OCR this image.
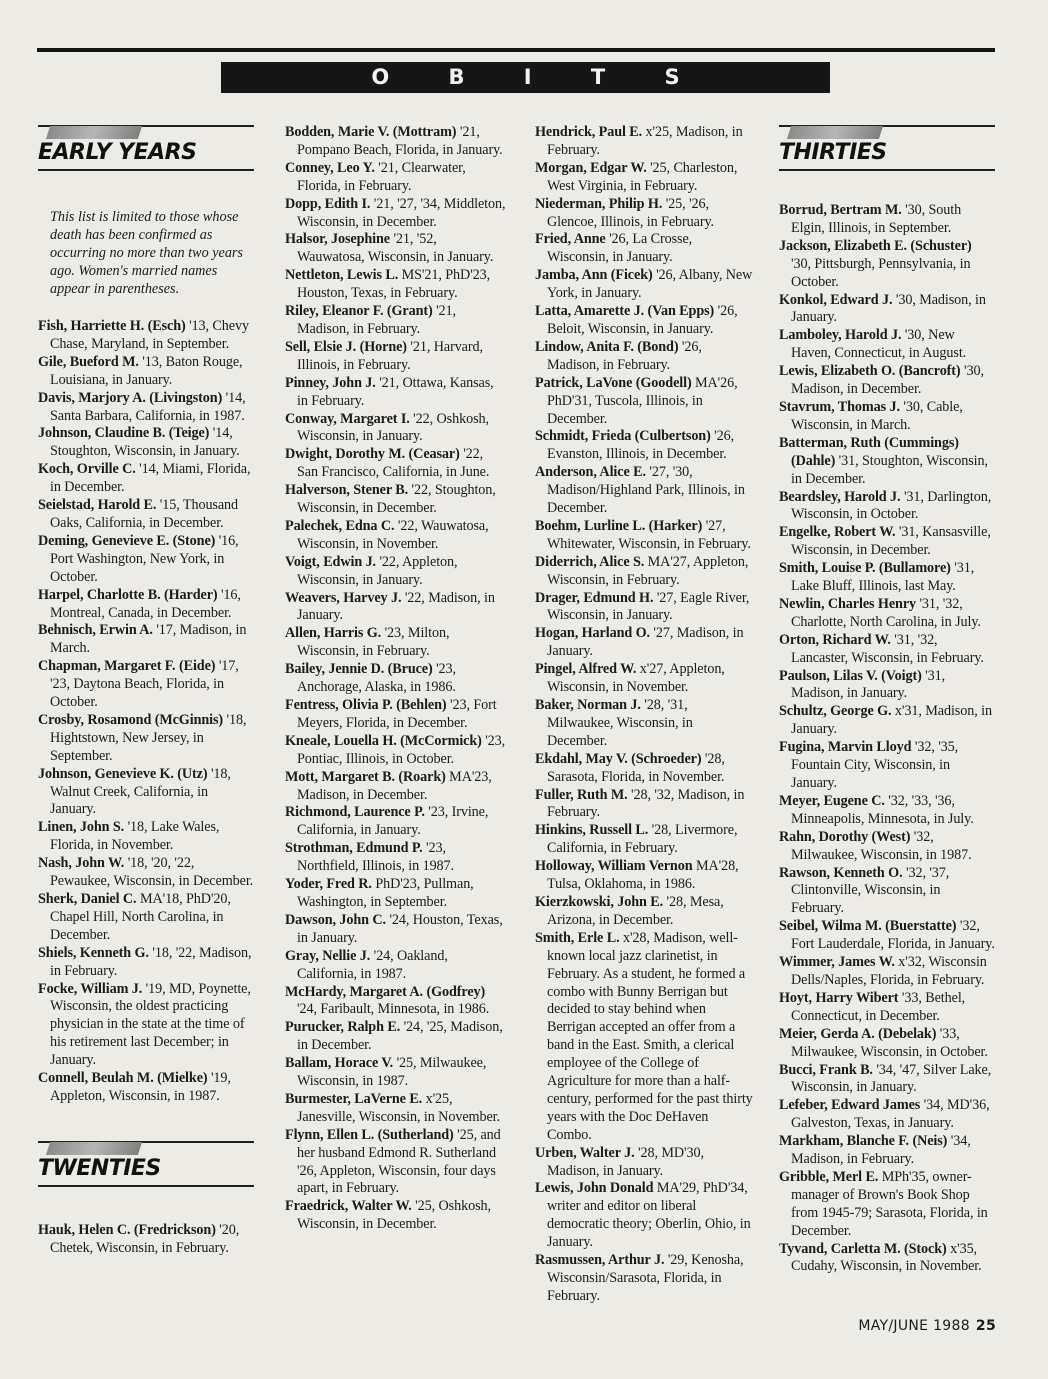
O B I T S
EARLY YEARS

This list is limited to those whose death has been confirmed as occurring no more than two years ago. Women's married names appear in parentheses.

Fish, Harriette H. (Esch) '13, Chevy Chase, Maryland, in September.

Gile, Bueford M. '13, Baton Rouge, Louisiana, in January.

Davis, Marjory A. (Livingston) '14, Santa Barbara, California, in 1987.

Johnson, Claudine B. (Teige) '14, Stoughton, Wisconsin, in January.

Koch, Orville C. '14, Miami, Florida, in December.

Seielstad, Harold E. '15, Thousand Oaks, California, in December.

Deming, Genevieve E. (Stone) '16, Port Washington, New York, in October.

Harpel, Charlotte B. (Harder) '16, Montreal, Canada, in December.

Behnisch, Erwin A. '17, Madison, in March.

Chapman, Margaret F. (Eide) '17, '23, Daytona Beach, Florida, in October.

Crosby, Rosamond (McGinnis) '18, Hightstown, New Jersey, in September.

Johnson, Genevieve K. (Utz) '18, Walnut Creek, California, in January.

Linen, John S. '18, Lake Wales, Florida, in November.

Nash, John W. '18, '20, '22, Pewaukee, Wisconsin, in December.

Sherk, Daniel C. MA'18, PhD'20, Chapel Hill, North Carolina, in December.

Shiels, Kenneth G. '18, '22, Madison, in February.

Focke, William J. '19, MD, Poynette, Wisconsin, the oldest practicing physician in the state at the time of his retirement last December; in January.

Connell, Beulah M. (Mielke) '19, Appleton, Wisconsin, in 1987.

TWENTIES

Hauk, Helen C. (Fredrickson) '20, Chetek, Wisconsin, in February.

Bodden, Marie V. (Mottram) '21, Pompano Beach, Florida, in January.

Conney, Leo Y. '21, Clearwater, Florida, in February.

Dopp, Edith I. '21, '27, '34, Middleton, Wisconsin, in December.

Halsor, Josephine '21, '52, Wauwatosa, Wisconsin, in January.

Nettleton, Lewis L. MS'21, PhD'23, Houston, Texas, in February.

Riley, Eleanor F. (Grant) '21, Madison, in February.

Sell, Elsie J. (Horne) '21, Harvard, Illinois, in February.

Pinney, John J. '21, Ottawa, Kansas, in February.

Conway, Margaret I. '22, Oshkosh, Wisconsin, in January.

Dwight, Dorothy M. (Ceasar) '22, San Francisco, California, in June.

Halverson, Stener B. '22, Stoughton, Wisconsin, in December.

Palechek, Edna C. '22, Wauwatosa, Wisconsin, in November.

Voigt, Edwin J. '22, Appleton, Wisconsin, in January.

Weavers, Harvey J. '22, Madison, in January.

Allen, Harris G. '23, Milton, Wisconsin, in February.

Bailey, Jennie D. (Bruce) '23, Anchorage, Alaska, in 1986.

Fentress, Olivia P. (Behlen) '23, Fort Meyers, Florida, in December.

Kneale, Louella H. (McCormick) '23, Pontiac, Illinois, in October.

Mott, Margaret B. (Roark) MA'23, Madison, in December.

Richmond, Laurence P. '23, Irvine, California, in January.

Strothman, Edmund P. '23, Northfield, Illinois, in 1987.

Yoder, Fred R. PhD'23, Pullman, Washington, in September.

Dawson, John C. '24, Houston, Texas, in January.

Gray, Nellie J. '24, Oakland, California, in 1987.

McHardy, Margaret A. (Godfrey) '24, Faribault, Minnesota, in 1986.

Purucker, Ralph E. '24, '25, Madison, in December.

Ballam, Horace V. '25, Milwaukee, Wisconsin, in 1987.

Burmester, LaVerne E. x'25, Janesville, Wisconsin, in November.

Flynn, Ellen L. (Sutherland) '25, and her husband Edmond R. Sutherland '26, Appleton, Wisconsin, four days apart, in February.

Fraedrick, Walter W. '25, Oshkosh, Wisconsin, in December.

Hendrick, Paul E. x'25, Madison, in February.

Morgan, Edgar W. '25, Charleston, West Virginia, in February.

Niederman, Philip H. '25, '26, Glencoe, Illinois, in February.

Fried, Anne '26, La Crosse, Wisconsin, in January.

Jamba, Ann (Ficek) '26, Albany, New York, in January.

Latta, Amarette J. (Van Epps) '26, Beloit, Wisconsin, in January.

Lindow, Anita F. (Bond) '26, Madison, in February.

Patrick, LaVone (Goodell) MA'26, PhD'31, Tuscola, Illinois, in December.

Schmidt, Frieda (Culbertson) '26, Evanston, Illinois, in December.

Anderson, Alice E. '27, '30, Madison/Highland Park, Illinois, in December.

Boehm, Lurline L. (Harker) '27, Whitewater, Wisconsin, in February.

Diderrich, Alice S. MA'27, Appleton, Wisconsin, in February.

Drager, Edmund H. '27, Eagle River, Wisconsin, in January.

Hogan, Harland O. '27, Madison, in January.

Pingel, Alfred W. x'27, Appleton, Wisconsin, in November.

Baker, Norman J. '28, '31, Milwaukee, Wisconsin, in December.

Ekdahl, May V. (Schroeder) '28, Sarasota, Florida, in November.

Fuller, Ruth M. '28, '32, Madison, in February.

Hinkins, Russell L. '28, Livermore, California, in February.

Holloway, William Vernon MA'28, Tulsa, Oklahoma, in 1986.

Kierzkowski, John E. '28, Mesa, Arizona, in December.

Smith, Erle L. x'28, Madison, well-known local jazz clarinetist, in February. As a student, he formed a combo with Bunny Berrigan but decided to stay behind when Berrigan accepted an offer from a band in the East. Smith, a clerical employee of the College of Agriculture for more than a half-century, performed for the past thirty years with the Doc DeHaven Combo.

Urben, Walter J. '28, MD'30, Madison, in January.

Lewis, John Donald MA'29, PhD'34, writer and editor on liberal democratic theory; Oberlin, Ohio, in January.

Rasmussen, Arthur J. '29, Kenosha, Wisconsin/Sarasota, Florida, in February.

THIRTIES

Borrud, Bertram M. '30, South Elgin, Illinois, in September.

Jackson, Elizabeth E. (Schuster) '30, Pittsburgh, Pennsylvania, in October.

Konkol, Edward J. '30, Madison, in January.

Lamboley, Harold J. '30, New Haven, Connecticut, in August.

Lewis, Elizabeth O. (Bancroft) '30, Madison, in December.

Stavrum, Thomas J. '30, Cable, Wisconsin, in March.

Batterman, Ruth (Cummings) (Dahle) '31, Stoughton, Wisconsin, in December.

Beardsley, Harold J. '31, Darlington, Wisconsin, in October.

Engelke, Robert W. '31, Kansasville, Wisconsin, in December.

Smith, Louise P. (Bullamore) '31, Lake Bluff, Illinois, last May.

Newlin, Charles Henry '31, '32, Charlotte, North Carolina, in July.

Orton, Richard W. '31, '32, Lancaster, Wisconsin, in February.

Paulson, Lilas V. (Voigt) '31, Madison, in January.

Schultz, George G. x'31, Madison, in January.

Fugina, Marvin Lloyd '32, '35, Fountain City, Wisconsin, in January.

Meyer, Eugene C. '32, '33, '36, Minneapolis, Minnesota, in July.

Rahn, Dorothy (West) '32, Milwaukee, Wisconsin, in 1987.

Rawson, Kenneth O. '32, '37, Clintonville, Wisconsin, in February.

Seibel, Wilma M. (Buerstatte) '32, Fort Lauderdale, Florida, in January.

Wimmer, James W. x'32, Wisconsin Dells/Naples, Florida, in February.

Hoyt, Harry Wibert '33, Bethel, Connecticut, in December.

Meier, Gerda A. (Debelak) '33, Milwaukee, Wisconsin, in October.

Bucci, Frank B. '34, '47, Silver Lake, Wisconsin, in January.

Lefeber, Edward James '34, MD'36, Galveston, Texas, in January.

Markham, Blanche F. (Neis) '34, Madison, in February.

Gribble, Merl E. MPh'35, owner-manager of Brown's Book Shop from 1945-79; Sarasota, Florida, in December.

Tyvand, Carletta M. (Stock) x'35, Cudahy, Wisconsin, in November.

MAY/JUNE 1988 25
